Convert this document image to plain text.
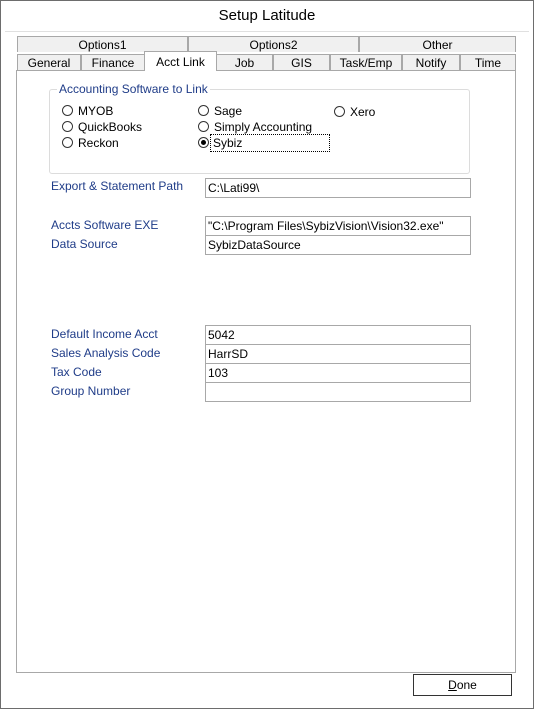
Setup Latitude
Options1	Options2	Other
General	Finance	Acct Link	Job	GIS	Task/Emp	Notify	Time
Accounting Software to Link
MYOB
QuickBooks
Reckon
Sage
Simply Accounting
Sybiz
Xero
Export & Statement Path C:\Lati99\
Accts Software EXE	"C:\Program Files\SybizVision\Vision32.exe"
Data Source	SybizDataSource
Default Income Acct	5042
Sales Analysis Code	HarrSD
Tax Code	103
Group Number
Done
